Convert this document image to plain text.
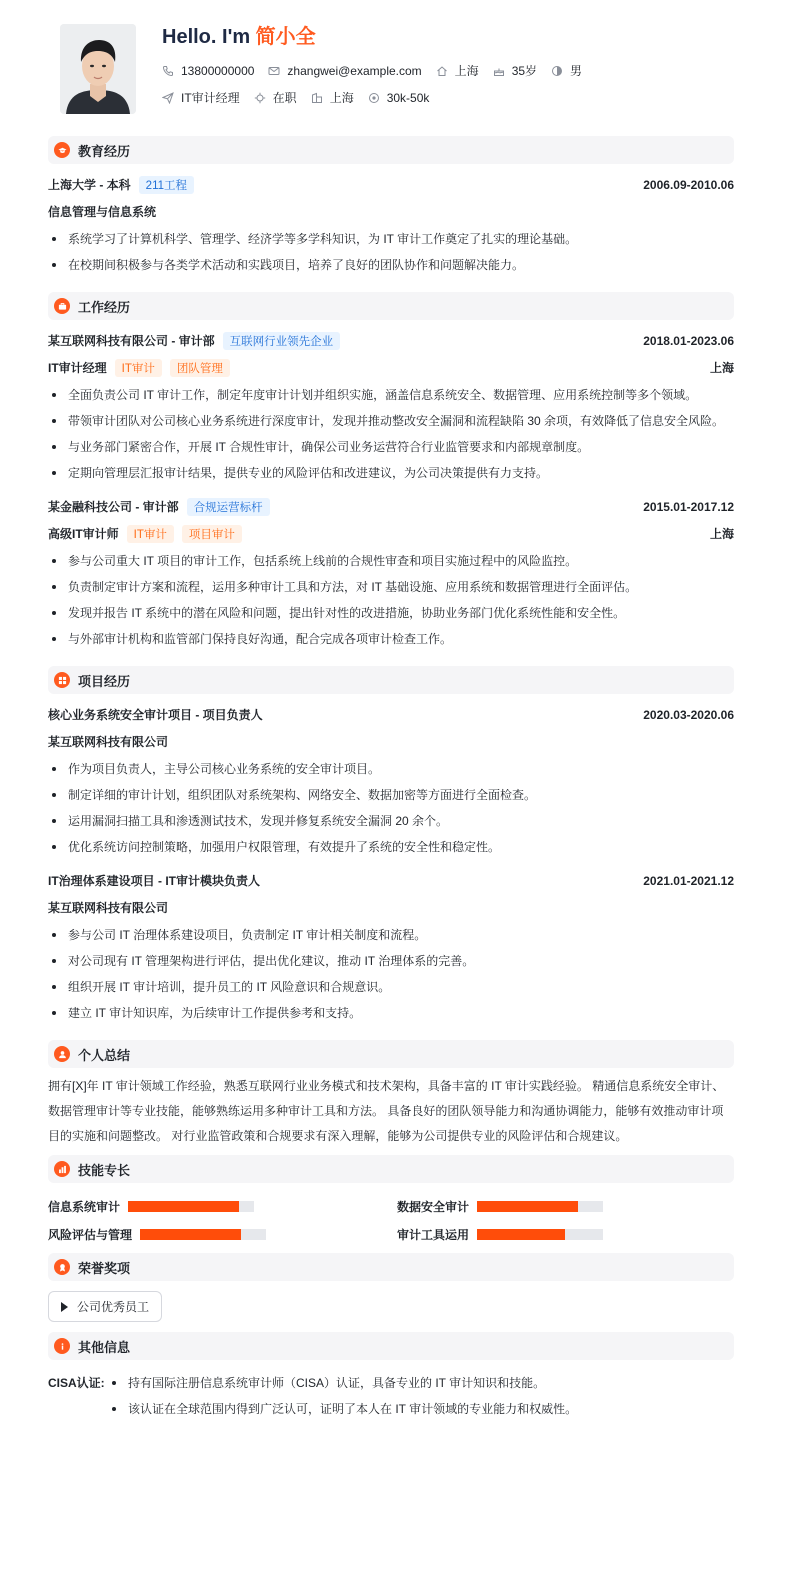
Hello. I'm 简小全
13800000000	zhangwei@example.com	上海	35岁	男
IT审计经理	在职	上海	30k-50k
教育经历
上海大学 - 本科	211工程	2006.09-2010.06
信息管理与信息系统
系统学习了计算机科学、管理学、经济学等多学科知识，为 IT 审计工作奠定了扎实的理论基础。
在校期间积极参与各类学术活动和实践项目，培养了良好的团队协作和问题解决能力。
工作经历
某互联网科技有限公司 - 审计部	互联网行业领先企业	2018.01-2023.06
IT审计经理	IT审计	团队管理	上海
全面负责公司 IT 审计工作，制定年度审计计划并组织实施，涵盖信息系统安全、数据管理、应用系统控制等多个领域。
带领审计团队对公司核心业务系统进行深度审计，发现并推动整改安全漏洞和流程缺陷 30 余项，有效降低了信息安全风险。
与业务部门紧密合作，开展 IT 合规性审计，确保公司业务运营符合行业监管要求和内部规章制度。
定期向管理层汇报审计结果，提供专业的风险评估和改进建议，为公司决策提供有力支持。
某金融科技公司 - 审计部	合规运营标杆	2015.01-2017.12
高级IT审计师	IT审计	项目审计	上海
参与公司重大 IT 项目的审计工作，包括系统上线前的合规性审查和项目实施过程中的风险监控。
负责制定审计方案和流程，运用多种审计工具和方法，对 IT 基础设施、应用系统和数据管理进行全面评估。
发现并报告 IT 系统中的潜在风险和问题，提出针对性的改进措施，协助业务部门优化系统性能和安全性。
与外部审计机构和监管部门保持良好沟通，配合完成各项审计检查工作。
项目经历
核心业务系统安全审计项目 - 项目负责人	2020.03-2020.06
某互联网科技有限公司
作为项目负责人，主导公司核心业务系统的安全审计项目。
制定详细的审计计划，组织团队对系统架构、网络安全、数据加密等方面进行全面检查。
运用漏洞扫描工具和渗透测试技术，发现并修复系统安全漏洞 20 余个。
优化系统访问控制策略，加强用户权限管理，有效提升了系统的安全性和稳定性。
IT治理体系建设项目 - IT审计模块负责人	2021.01-2021.12
某互联网科技有限公司
参与公司 IT 治理体系建设项目，负责制定 IT 审计相关制度和流程。
对公司现有 IT 管理架构进行评估，提出优化建议，推动 IT 治理体系的完善。
组织开展 IT 审计培训，提升员工的 IT 风险意识和合规意识。
建立 IT 审计知识库，为后续审计工作提供参考和支持。
个人总结

拥有[X]年 IT 审计领域工作经验，熟悉互联网行业业务模式和技术架构，具备丰富的 IT 审计实践经验。 精通信息系统安全审计、数据管理审计等专业技能，能够熟练运用多种审计工具和方法。 具备良好的团队领导能力和沟通协调能力，能够有效推动审计项目的实施和问题整改。 对行业监管政策和合规要求有深入理解，能够为公司提供专业的风险评估和合规建议。

技能专长
信息系统审计	数据安全审计
风险评估与管理	审计工具运用
荣誉奖项
公司优秀员工
其他信息
CISA认证:	持有国际注册信息系统审计师（CISA）认证，具备专业的 IT 审计知识和技能。
该认证在全球范围内得到广泛认可，证明了本人在 IT 审计领域的专业能力和权威性。
